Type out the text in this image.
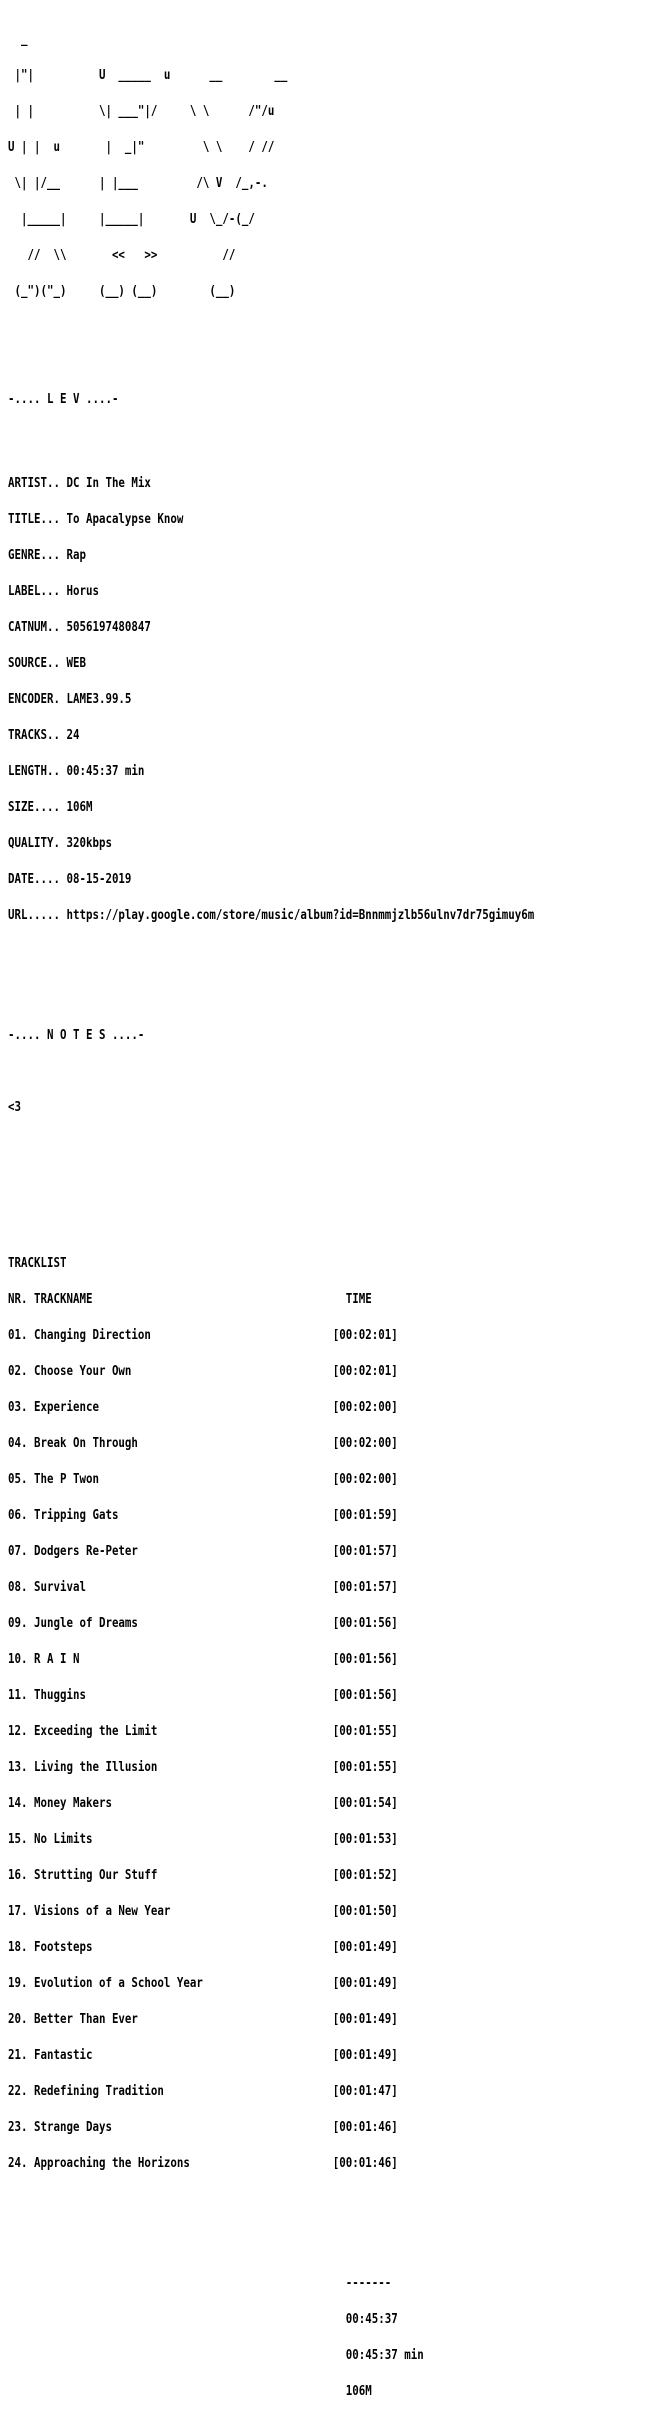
_

|"|          U  _____  u      __        __

| |          \| ___"|/     \ \      /"/u

U | |  u       |  _|"         \ \    / //

\| |/__      | |___         /\ V  /_,-.

|_____|     |_____|       U  \_/-(_/

//  \\       <<   >>          //

(_")("_)     (__) (__)        (__)

-.... L E V ....-

ARTIST.. DC In The Mix

TITLE... To Apacalypse Know

GENRE... Rap

LABEL... Horus

CATNUM.. 5056197480847

SOURCE.. WEB

ENCODER. LAME3.99.5

TRACKS.. 24

LENGTH.. 00:45:37 min

SIZE.... 106M

QUALITY. 320kbps

DATE.... 08-15-2019

URL..... https://play.google.com/store/music/album?id=Bnnmmjzlb56ulnv7dr75gimuy6m

-.... N O T E S ....-

<3

TRACKLIST

NR. TRACKNAME                                       TIME

01. Changing Direction                            [00:02:01]

02. Choose Your Own                               [00:02:01]

03. Experience                                    [00:02:00]

04. Break On Through                              [00:02:00]

05. The P Twon                                    [00:02:00]

06. Tripping Gats                                 [00:01:59]

07. Dodgers Re-Peter                              [00:01:57]

08. Survival                                      [00:01:57]

09. Jungle of Dreams                              [00:01:56]

10. R A I N                                       [00:01:56]

11. Thuggins                                      [00:01:56]

12. Exceeding the Limit                           [00:01:55]

13. Living the Illusion                           [00:01:55]

14. Money Makers                                  [00:01:54]

15. No Limits                                     [00:01:53]

16. Strutting Our Stuff                           [00:01:52]

17. Visions of a New Year                         [00:01:50]

18. Footsteps                                     [00:01:49]

19. Evolution of a School Year                    [00:01:49]

20. Better Than Ever                              [00:01:49]

21. Fantastic                                     [00:01:49]

22. Redefining Tradition                          [00:01:47]

23. Strange Days                                  [00:01:46]

24. Approaching the Horizons                      [00:01:46]

-------

00:45:37

00:45:37 min

106M
